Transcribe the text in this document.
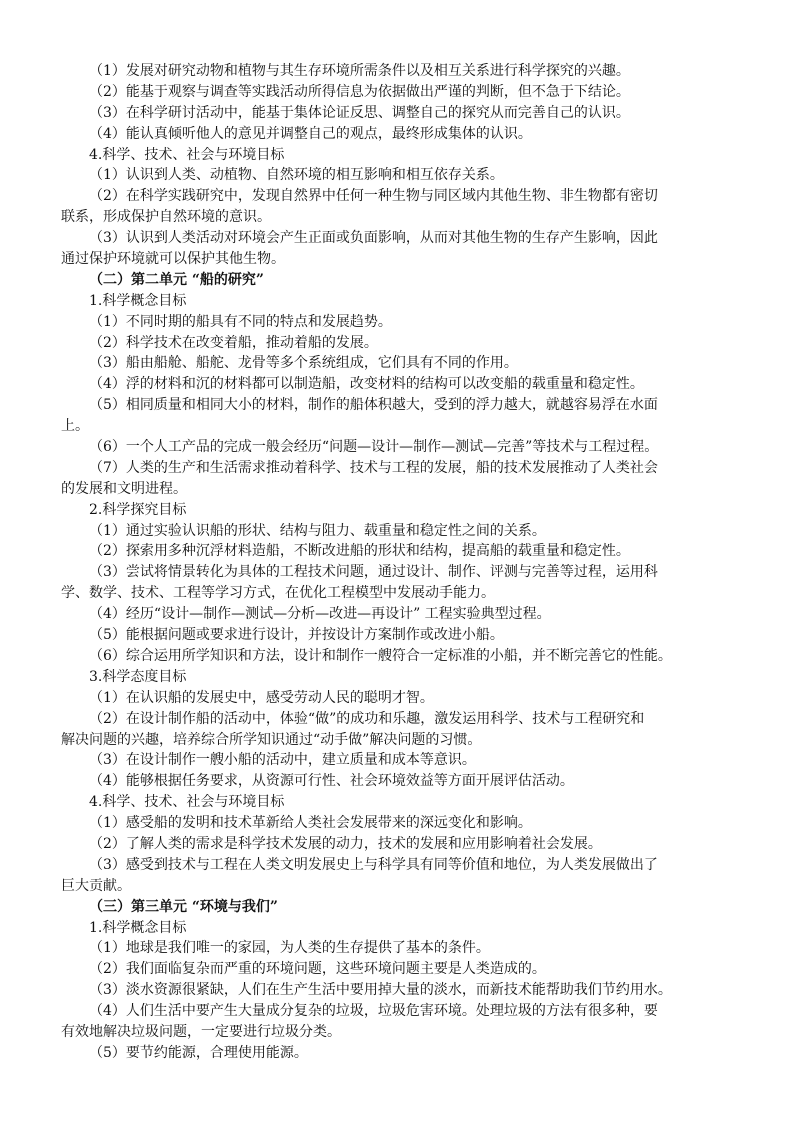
（1）发展对研究动物和植物与其生存环境所需条件以及相互关系进行科学探究的兴趣。
（2）能基于观察与调查等实践活动所得信息为依据做出严谨的判断，但不急于下结论。
（3）在科学研讨活动中，能基于集体论证反思、调整自己的探究从而完善自己的认识。
（4）能认真倾听他人的意见并调整自己的观点，最终形成集体的认识。
4.科学、技术、社会与环境目标
（1）认识到人类、动植物、自然环境的相互影响和相互依存关系。
（2）在科学实践研究中，发现自然界中任何一种生物与同区域内其他生物、非生物都有密切
联系，形成保护自然环境的意识。
（3）认识到人类活动对环境会产生正面或负面影响，从而对其他生物的生存产生影响，因此
通过保护环境就可以保护其他生物。
（二）第二单元 “船的研究”
1.科学概念目标
（1）不同时期的船具有不同的特点和发展趋势。
（2）科学技术在改变着船，推动着船的发展。
（3）船由船舱、船舵、龙骨等多个系统组成，它们具有不同的作用。
（4）浮的材料和沉的材料都可以制造船，改变材料的结构可以改变船的载重量和稳定性。
（5）相同质量和相同大小的材料，制作的船体积越大，受到的浮力越大，就越容易浮在水面
上。
（6）一个人工产品的完成一般会经历“问题—设计—制作—测试—完善”等技术与工程过程。
（7）人类的生产和生活需求推动着科学、技术与工程的发展，船的技术发展推动了人类社会
的发展和文明进程。
2.科学探究目标
（1）通过实验认识船的形状、结构与阻力、载重量和稳定性之间的关系。
（2）探索用多种沉浮材料造船，不断改进船的形状和结构，提高船的载重量和稳定性。
（3）尝试将情景转化为具体的工程技术问题，通过设计、制作、评测与完善等过程，运用科
学、数学、技术、工程等学习方式，在优化工程模型中发展动手能力。
（4）经历“设计—制作—测试—分析—改进—再设计” 工程实验典型过程。
（5）能根据问题或要求进行设计，并按设计方案制作或改进小船。
（6）综合运用所学知识和方法，设计和制作一艘符合一定标准的小船，并不断完善它的性能。
3.科学态度目标
（1）在认识船的发展史中，感受劳动人民的聪明才智。
（2）在设计制作船的活动中，体验“做”的成功和乐趣，激发运用科学、技术与工程研究和
解决问题的兴趣，培养综合所学知识通过“动手做”解决问题的习惯。
（3）在设计制作一艘小船的活动中，建立质量和成本等意识。
（4）能够根据任务要求，从资源可行性、社会环境效益等方面开展评估活动。
4.科学、技术、社会与环境目标
（1）感受船的发明和技术革新给人类社会发展带来的深远变化和影响。
（2）了解人类的需求是科学技术发展的动力，技术的发展和应用影响着社会发展。
（3）感受到技术与工程在人类文明发展史上与科学具有同等价值和地位，为人类发展做出了
巨大贡献。
（三）第三单元 “环境与我们”
1.科学概念目标
（1）地球是我们唯一的家园，为人类的生存提供了基本的条件。
（2）我们面临复杂而严重的环境问题，这些环境问题主要是人类造成的。
（3）淡水资源很紧缺，人们在生产生活中要用掉大量的淡水，而新技术能帮助我们节约用水。
（4）人们生活中要产生大量成分复杂的垃圾，垃圾危害环境。处理垃圾的方法有很多种，要
有效地解决垃圾问题，一定要进行垃圾分类。
（5）要节约能源，合理使用能源。
